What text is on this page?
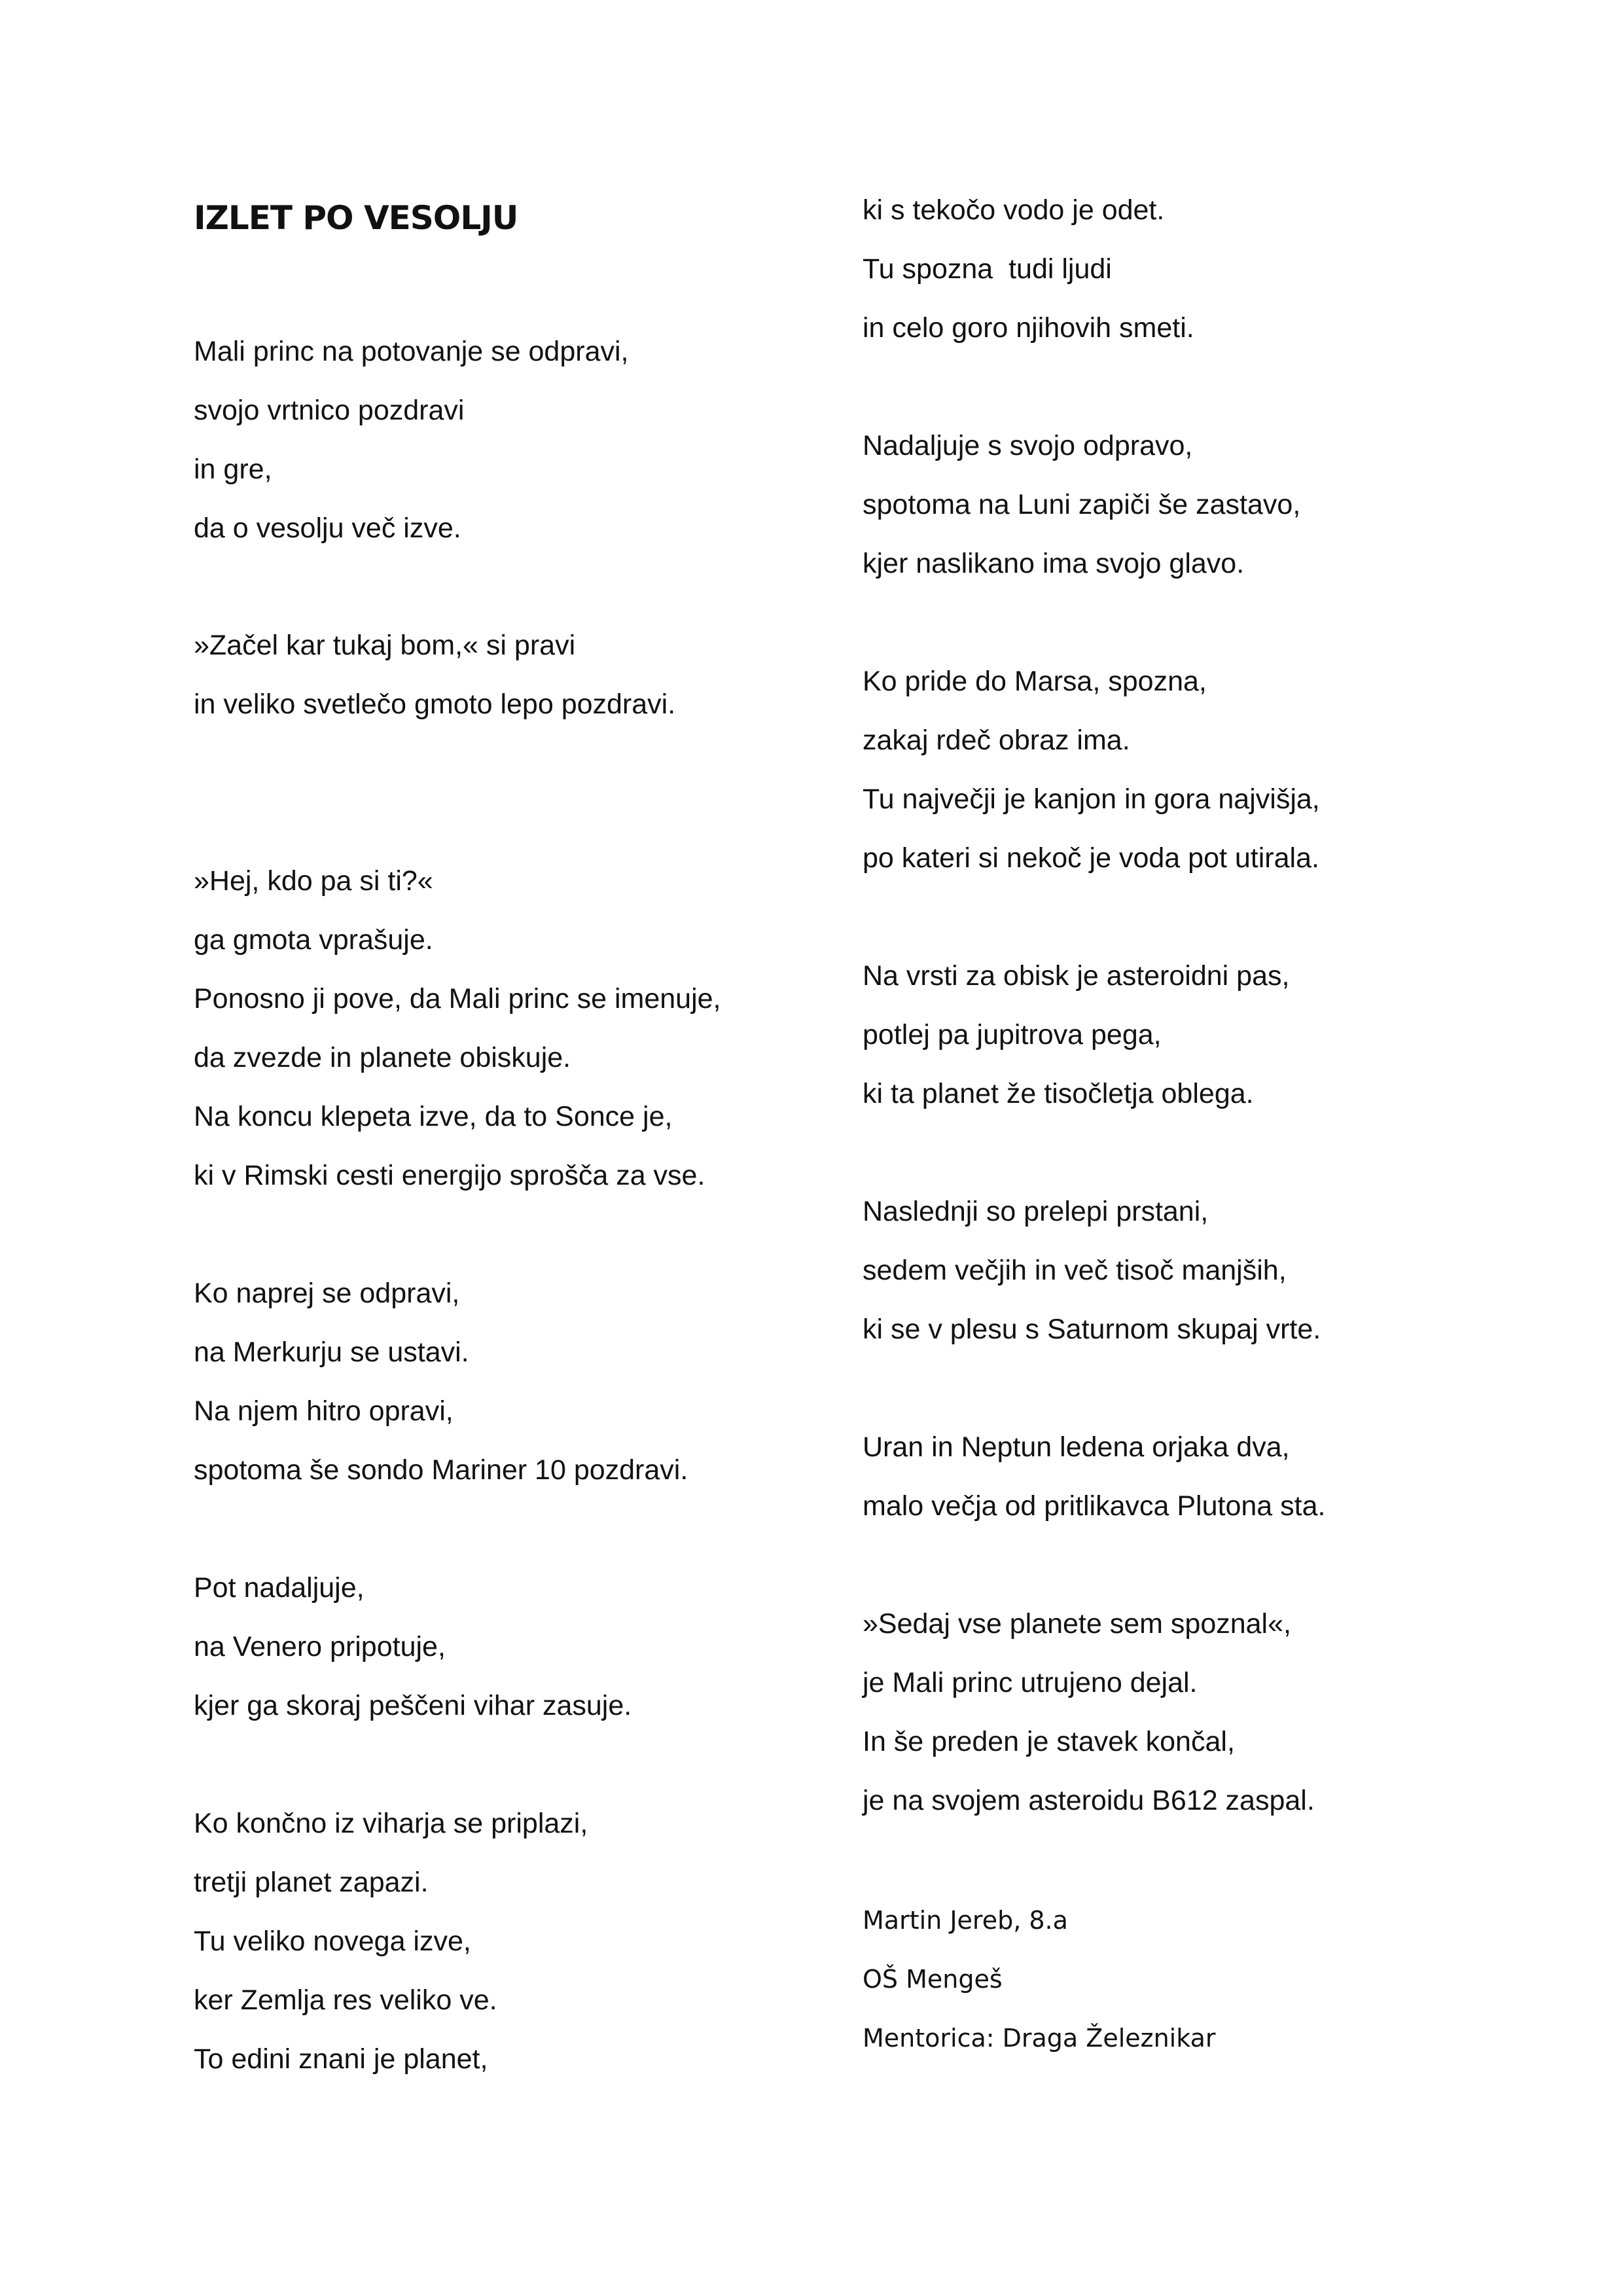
IZLET PO VESOLJU
Mali princ na potovanje se odpravi,
svojo vrtnico pozdravi
in gre,
da o vesolju več izve.
»Začel kar tukaj bom,« si pravi
in veliko svetlečo gmoto lepo pozdravi.
»Hej, kdo pa si ti?«
ga gmota vprašuje.
Ponosno ji pove, da Mali princ se imenuje,
da zvezde in planete obiskuje.
Na koncu klepeta izve, da to Sonce je,
ki v Rimski cesti energijo sprošča za vse.
Ko naprej se odpravi,
na Merkurju se ustavi.
Na njem hitro opravi,
spotoma še sondo Mariner 10 pozdravi.
Pot nadaljuje,
na Venero pripotuje,
kjer ga skoraj peščeni vihar zasuje.
Ko končno iz viharja se priplazi,
tretji planet zapazi.
Tu veliko novega izve,
ker Zemlja res veliko ve.
To edini znani je planet,
ki s tekočo vodo je odet.
Tu spozna  tudi ljudi
in celo goro njihovih smeti.
Nadaljuje s svojo odpravo,
spotoma na Luni zapiči še zastavo,
kjer naslikano ima svojo glavo.
Ko pride do Marsa, spozna,
zakaj rdeč obraz ima.
Tu največji je kanjon in gora najvišja,
po kateri si nekoč je voda pot utirala.
Na vrsti za obisk je asteroidni pas,
potlej pa jupitrova pega,
ki ta planet že tisočletja oblega.
Naslednji so prelepi prstani,
sedem večjih in več tisoč manjših,
ki se v plesu s Saturnom skupaj vrte.
Uran in Neptun ledena orjaka dva,
malo večja od pritlikavca Plutona sta.
»Sedaj vse planete sem spoznal«,
je Mali princ utrujeno dejal.
In še preden je stavek končal,
je na svojem asteroidu B612 zaspal.
Martin Jereb, 8.a
OŠ Mengeš
Mentorica: Draga Železnikar
